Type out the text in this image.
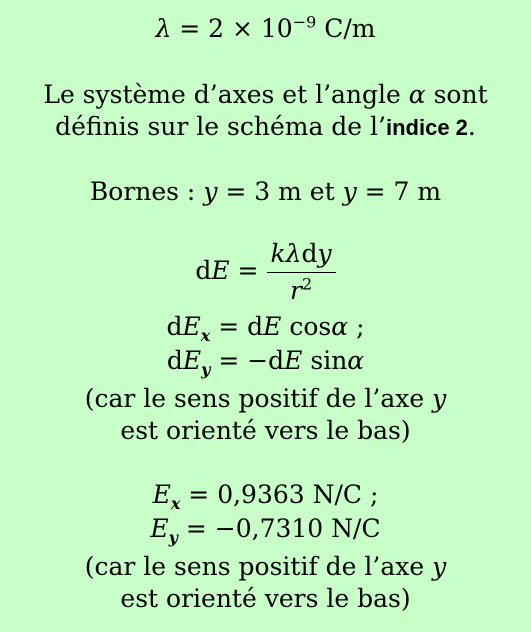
$\lambda = 2 \times 10^{-9}$ C/m
Le système d’axes et l’angle α sont
définis sur le schéma de l’indice 2.
Bornes : y = 3 m et y = 7 m
dE = $\frac{\text{kλdy}}{r^2}$
$dE_x$ = dE cosα ;
$dE_y = -dE$ sinα
(car le sens positif de l’axe y
est orienté vers le bas)
$E_x = 0,9363$ N/C ;
$E_y = -0,7310$ N/C
(car le sens positif de l’axe y
est orienté vers le bas)
